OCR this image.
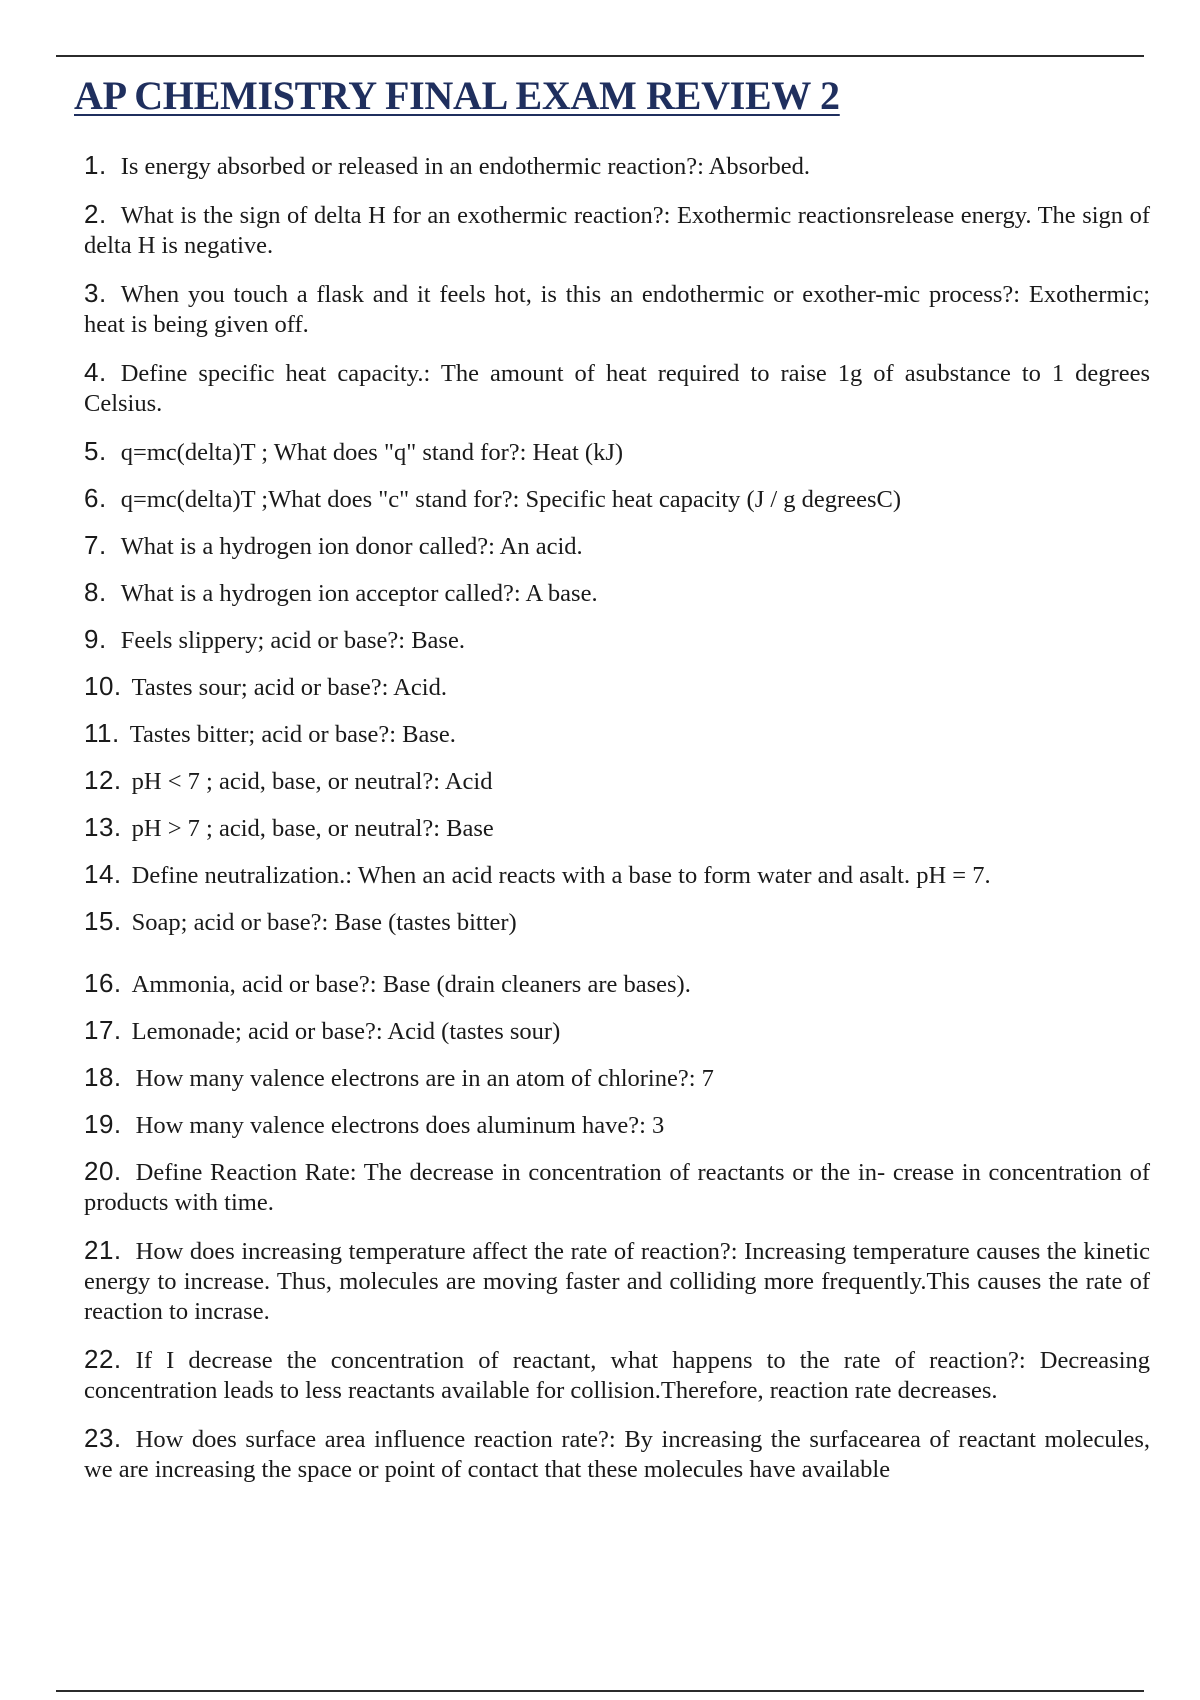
AP CHEMISTRY FINAL EXAM REVIEW 2
1. Is energy absorbed or released in an endothermic reaction?: Absorbed.
2. What is the sign of delta H for an exothermic reaction?: Exothermic reactionsrelease energy. The sign of delta H is negative.
3. When you touch a flask and it feels hot, is this an endothermic or exother-mic process?: Exothermic; heat is being given off.
4. Define specific heat capacity.: The amount of heat required to raise 1g of asubstance to 1 degrees Celsius.
5. q=mc(delta)T ; What does "q" stand for?: Heat (kJ)
6. q=mc(delta)T ;What does "c" stand for?: Specific heat capacity (J / g degreesC)
7. What is a hydrogen ion donor called?: An acid.
8. What is a hydrogen ion acceptor called?: A base.
9. Feels slippery; acid or base?: Base.
10. Tastes sour; acid or base?: Acid.
11. Tastes bitter; acid or base?: Base.
12. pH < 7 ; acid, base, or neutral?: Acid
13. pH > 7 ; acid, base, or neutral?: Base
14. Define neutralization.: When an acid reacts with a base to form water and asalt. pH = 7.
15. Soap; acid or base?: Base (tastes bitter)
16. Ammonia, acid or base?: Base (drain cleaners are bases).
17. Lemonade; acid or base?: Acid (tastes sour)
18. How many valence electrons are in an atom of chlorine?: 7
19. How many valence electrons does aluminum have?: 3
20. Define Reaction Rate: The decrease in concentration of reactants or the in- crease in concentration of products with time.
21. How does increasing temperature affect the rate of reaction?: Increasing temperature causes the kinetic energy to increase. Thus, molecules are moving faster and colliding more frequently.This causes the rate of reaction to incrase.
22. If I decrease the concentration of reactant, what happens to the rate of reaction?: Decreasing concentration leads to less reactants available for collision.Therefore, reaction rate decreases.
23. How does surface area influence reaction rate?: By increasing the surfacearea of reactant molecules, we are increasing the space or point of contact that these molecules have available
